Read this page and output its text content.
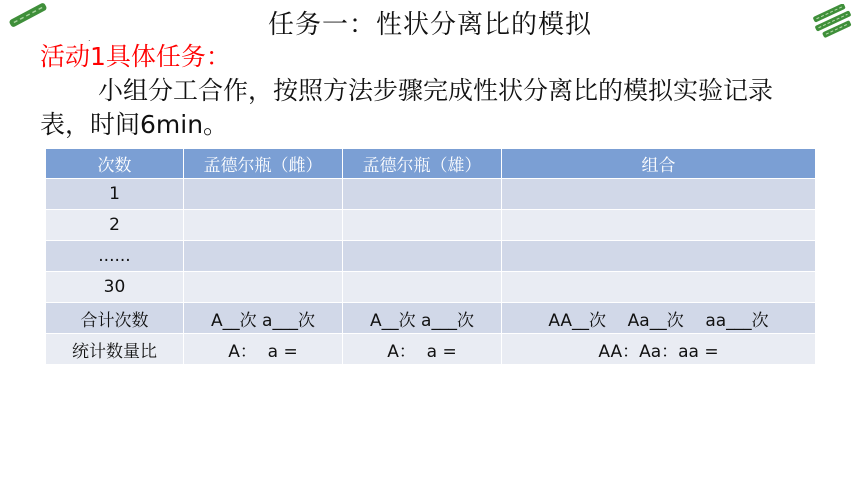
.	任务一：性状分离比的模拟
活动1具体任务：
小组分工合作，按照方法步骤完成性状分离比的模拟实验记录表，时间6min。
次数	孟德尔瓶（雌）	孟德尔瓶（雄）	组合
1			
2			
......			
30			
合计次数	A__次 a___次	A__次 a___次	AA__次    Aa__次    aa___次
统计数量比	A：  a =	A：  a =	AA：Aa：aa =
